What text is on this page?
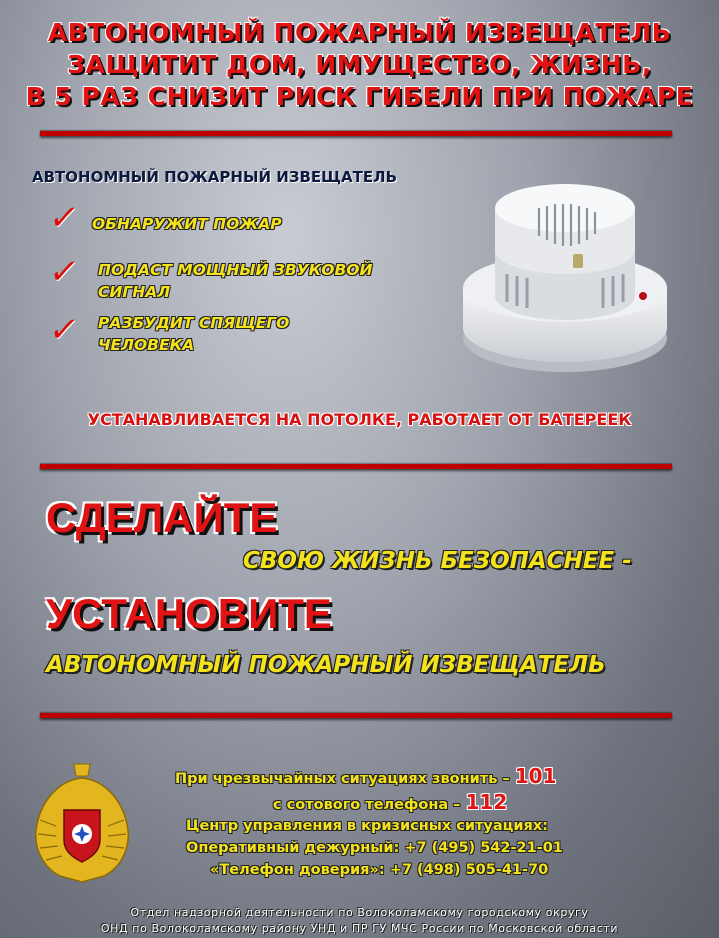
АВТОНОМНЫЙ ПОЖАРНЫЙ ИЗВЕЩАТЕЛЬ
ЗАЩИТИТ ДОМ, ИМУЩЕСТВО, ЖИЗНЬ,
В 5 РАЗ СНИЗИТ РИСК ГИБЕЛИ ПРИ ПОЖАРЕ
АВТОНОМНЫЙ ПОЖАРНЫЙ ИЗВЕЩАТЕЛЬ
✓ ОБНАРУЖИТ ПОЖАР
✓ ПОДАСТ МОЩНЫЙ ЗВУКОВОЙ
СИГНАЛ
✓ РАЗБУДИТ СПЯЩЕГО
ЧЕЛОВЕКА
УСТАНАВЛИВАЕТСЯ НА ПОТОЛКЕ, РАБОТАЕТ ОТ БАТЕРЕЕК
СДЕЛАЙТЕ
СВОЮ ЖИЗНЬ БЕЗОПАСНЕЕ -
УСТАНОВИТЕ
АВТОНОМНЫЙ ПОЖАРНЫЙ ИЗВЕЩАТЕЛЬ
При чрезвычайных ситуациях звонить – 101
с сотового телефона – 112
Центр управления в кризисных ситуациях:
Оперативный дежурный: +7 (495) 542-21-01
«Телефон доверия»: +7 (498) 505-41-70
Отдел надзорной деятельности по Волоколамскому городскому округу
ОНД по Волоколамскому району УНД и ПР ГУ МЧС России по Московской области
